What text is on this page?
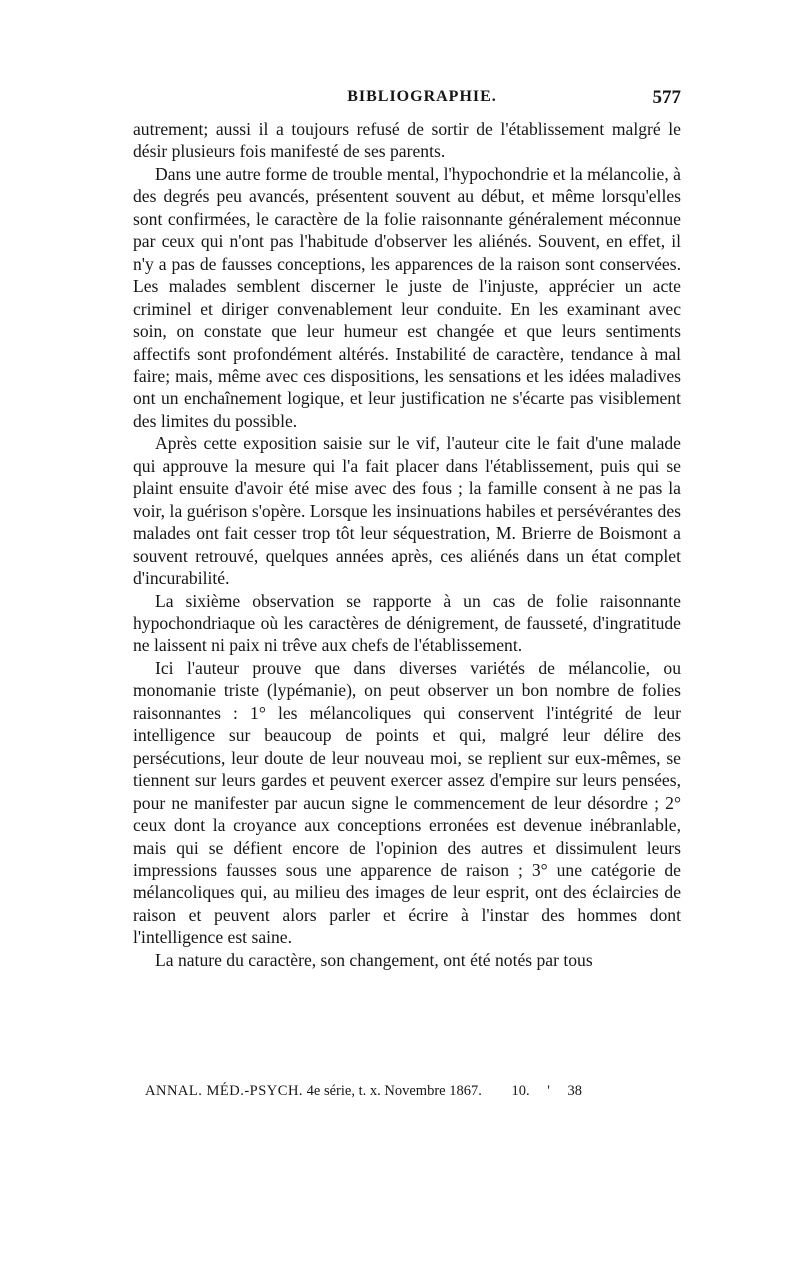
BIBLIOGRAPHIE.	577

autrement; aussi il a toujours refusé de sortir de l'établissement malgré le désir plusieurs fois manifesté de ses parents.

Dans une autre forme de trouble mental, l'hypochondrie et la mélancolie, à des degrés peu avancés, présentent souvent au début, et même lorsqu'elles sont confirmées, le caractère de la folie raisonnante généralement méconnue par ceux qui n'ont pas l'habitude d'observer les aliénés. Souvent, en effet, il n'y a pas de fausses conceptions, les apparences de la raison sont conservées. Les malades semblent discerner le juste de l'injuste, apprécier un acte criminel et diriger convenablement leur conduite. En les examinant avec soin, on constate que leur humeur est changée et que leurs sentiments affectifs sont profondément altérés. Instabilité de caractère, tendance à mal faire; mais, même avec ces dispositions, les sensations et les idées maladives ont un enchaînement logique, et leur justification ne s'écarte pas visiblement des limites du possible.

Après cette exposition saisie sur le vif, l'auteur cite le fait d'une malade qui approuve la mesure qui l'a fait placer dans l'établissement, puis qui se plaint ensuite d'avoir été mise avec des fous ; la famille consent à ne pas la voir, la guérison s'opère. Lorsque les insinuations habiles et persévérantes des malades ont fait cesser trop tôt leur séquestration, M. Brierre de Boismont a souvent retrouvé, quelques années après, ces aliénés dans un état complet d'incurabilité.

La sixième observation se rapporte à un cas de folie raisonnante hypochondriaque où les caractères de dénigrement, de fausseté, d'ingratitude ne laissent ni paix ni trêve aux chefs de l'établissement.

Ici l'auteur prouve que dans diverses variétés de mélancolie, ou monomanie triste (lypémanie), on peut observer un bon nombre de folies raisonnantes : 1° les mélancoliques qui conservent l'intégrité de leur intelligence sur beaucoup de points et qui, malgré leur délire des persécutions, leur doute de leur nouveau moi, se replient sur eux-mêmes, se tiennent sur leurs gardes et peuvent exercer assez d'empire sur leurs pensées, pour ne manifester par aucun signe le commencement de leur désordre ; 2° ceux dont la croyance aux conceptions erronées est devenue inébranlable, mais qui se défient encore de l'opinion des autres et dissimulent leurs impressions fausses sous une apparence de raison ; 3° une catégorie de mélancoliques qui, au milieu des images de leur esprit, ont des éclaircies de raison et peuvent alors parler et écrire à l'instar des hommes dont l'intelligence est saine.

La nature du caractère, son changement, ont été notés par tous

ANNAL. MÉD.-PSYCH. 4e série, t. x. Novembre 1867. 10. ' 38
